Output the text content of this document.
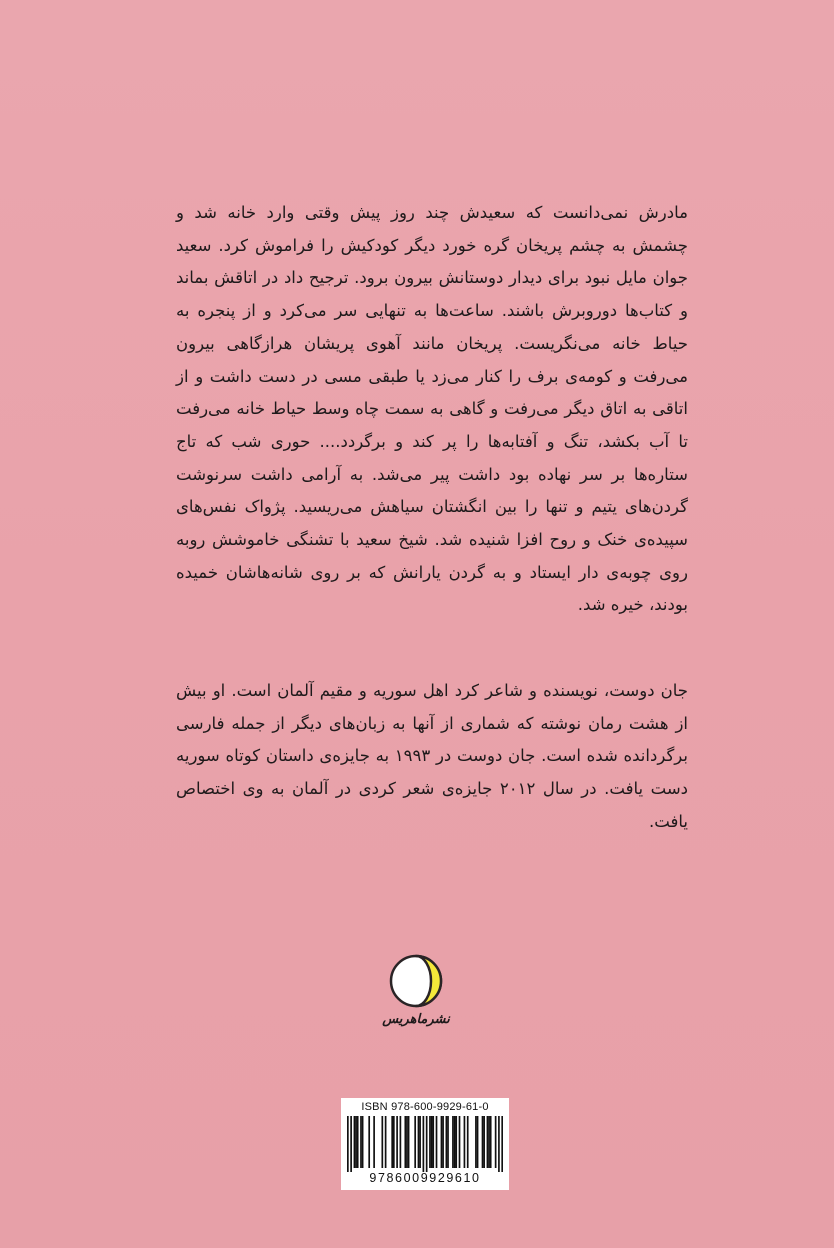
مادرش نمی‌دانست که سعیدش چند روز پیش وقتی وارد خانه شد و چشمش به چشم پریخان گره خورد دیگر کودکیش را فراموش کرد. سعید جوان مایل نبود برای دیدار دوستانش بیرون برود. ترجیح داد در اتاقش بماند و کتاب‌ها دوروبرش باشند. ساعت‌ها به تنهایی سر می‌کرد و از پنجره به حیاط خانه می‌نگریست. پریخان مانند آهوی پریشان هرازگاهی بیرون می‌رفت و کومه‌ی برف را کنار می‌زد یا طبقی مسی در دست داشت و از اتاقی به اتاق دیگر می‌رفت و گاهی به سمت چاه وسط حیاط خانه می‌رفت تا آب بکشد، تنگ و آفتابه‌ها را پر کند و برگردد.... حوری شب که تاج ستاره‌ها بر سر نهاده بود داشت پیر می‌شد. به آرامی داشت سرنوشت گردن‌های یتیم و تنها را بین انگشتان سیاهش می‌ریسید. پژواک نفس‌های سپیده‌ی خنک و روح افزا شنیده شد. شیخ سعید با تشنگی خاموشش روبه روی چوبه‌ی دار ایستاد و به گردن یارانش که بر روی شانه‌هاشان خمیده بودند، خیره شد.

جان دوست، نویسنده و شاعر کرد اهل سوریه و مقیم آلمان است. او بیش از هشت رمان نوشته که شماری از آنها به زبان‌های دیگر از جمله فارسی برگردانده شده است. جان دوست در ۱۹۹۳ به جایزه‌ی داستان کوتاه سوریه دست یافت. در سال ۲۰۱۲ جایزه‌ی شعر کردی در آلمان به وی اختصاص یافت.

نشرماهریس
ISBN 978-600-9929-61-0
9786009929610
